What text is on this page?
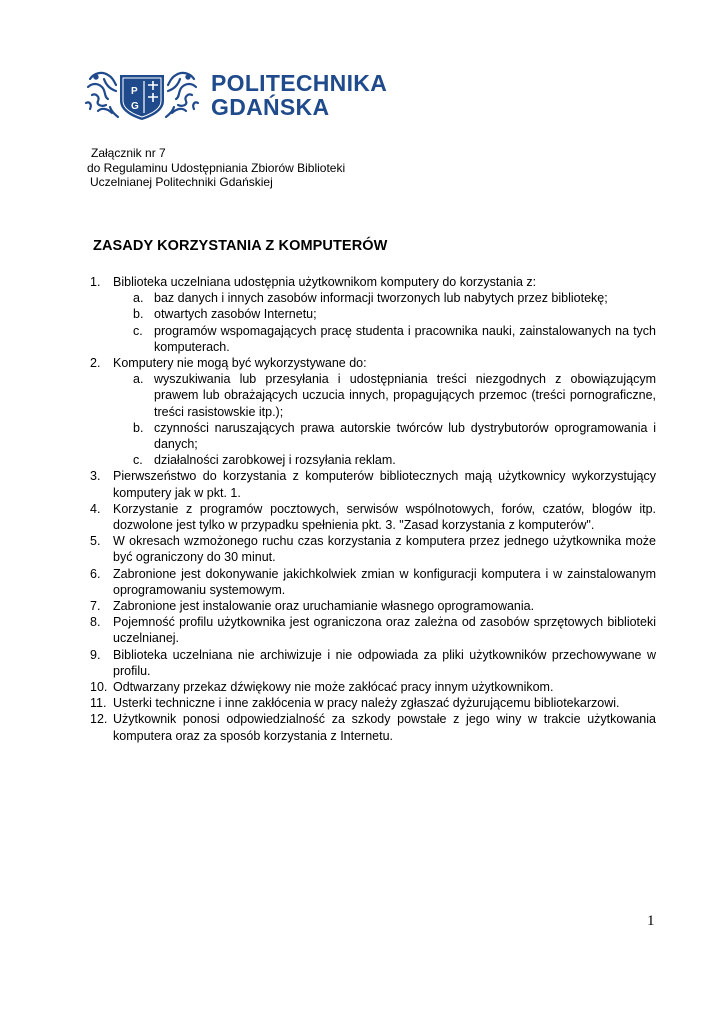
P
G
POLITECHNIKA
GDAŃSKA
Załącznik nr 7
do Regulaminu Udostępniania Zbiorów Biblioteki
Uczelnianej Politechniki Gdańskiej
ZASADY KORZYSTANIA Z KOMPUTERÓW
1.	Biblioteka uczelniana udostępnia użytkownikom komputery do korzystania z:
a. baz danych i innych zasobów informacji tworzonych lub nabytych przez bibliotekę;
b. otwartych zasobów Internetu;
c. programów wspomagających pracę studenta i pracownika nauki, zainstalowanych na tych komputerach.
2.	Komputery nie mogą być wykorzystywane do:
a. wyszukiwania lub przesyłania i udostępniania treści niezgodnych z obowiązującym prawem lub obrażających uczucia innych, propagujących przemoc (treści pornograficzne, treści rasistowskie itp.);
b. czynności naruszających prawa autorskie twórców lub dystrybutorów oprogramowania i danych;
c. działalności zarobkowej i rozsyłania reklam.
3.	Pierwszeństwo do korzystania z komputerów bibliotecznych mają użytkownicy wykorzystujący komputery jak w pkt. 1.
4.	Korzystanie z programów pocztowych, serwisów wspólnotowych, forów, czatów, blogów itp. dozwolone jest tylko w przypadku spełnienia pkt. 3. "Zasad korzystania z komputerów".
5.	W okresach wzmożonego ruchu czas korzystania z komputera przez jednego użytkownika może być ograniczony do 30 minut.
6.	Zabronione jest dokonywanie jakichkolwiek zmian w konfiguracji komputera i w zainstalowanym oprogramowaniu systemowym.
7.	Zabronione jest instalowanie oraz uruchamianie własnego oprogramowania.
8.	Pojemność profilu użytkownika jest ograniczona oraz zależna od zasobów sprzętowych biblioteki uczelnianej.
9.	Biblioteka uczelniana nie archiwizuje i nie odpowiada za pliki użytkowników przechowywane w profilu.
10. Odtwarzany przekaz dźwiękowy nie może zakłócać pracy innym użytkownikom.
11. Usterki techniczne i inne zakłócenia w pracy należy zgłaszać dyżurującemu bibliotekarzowi.
12. Użytkownik ponosi odpowiedzialność za szkody powstałe z jego winy w trakcie użytkowania komputera oraz za sposób korzystania z Internetu.
1
